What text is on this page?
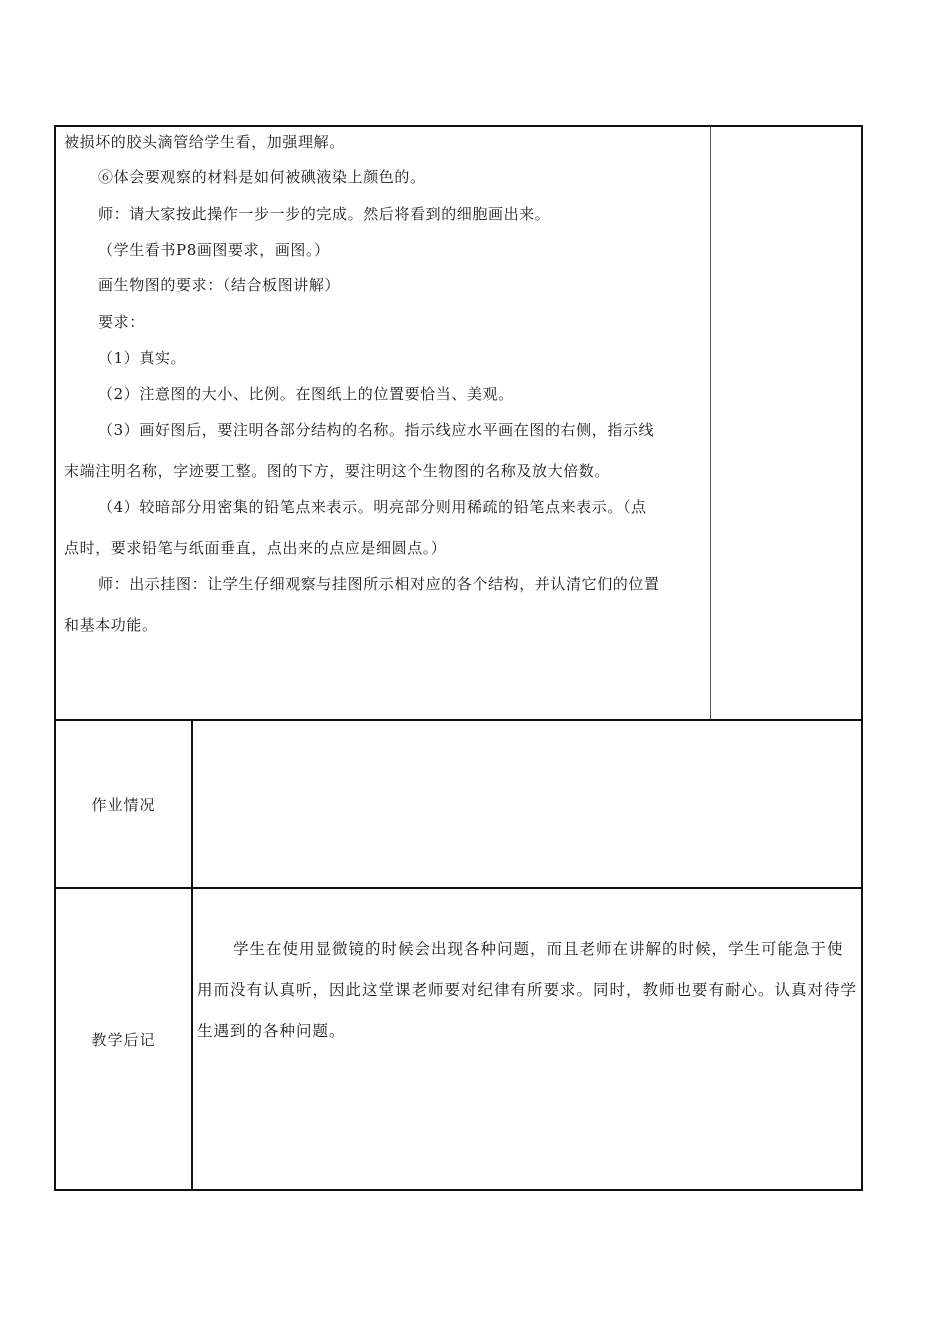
被损坏的胶头滴管给学生看，加强理解。
⑥体会要观察的材料是如何被碘液染上颜色的。
师：请大家按此操作一步一步的完成。然后将看到的细胞画出来。
（学生看书P8画图要求，画图。）
画生物图的要求：（结合板图讲解）
要求：
（1）真实。
（2）注意图的大小、比例。在图纸上的位置要恰当、美观。
（3）画好图后，要注明各部分结构的名称。指示线应水平画在图的右侧，指示线
末端注明名称，字迹要工整。图的下方，要注明这个生物图的名称及放大倍数。
（4）较暗部分用密集的铅笔点来表示。明亮部分则用稀疏的铅笔点来表示。（点
点时，要求铅笔与纸面垂直，点出来的点应是细圆点。）
师：出示挂图：让学生仔细观察与挂图所示相对应的各个结构，并认清它们的位置
和基本功能。
作业情况
教学后记
学生在使用显微镜的时候会出现各种问题，而且老师在讲解的时候，学生可能急于使用而没有认真听，因此这堂课老师要对纪律有所要求。同时，教师也要有耐心。认真对待学生遇到的各种问题。
